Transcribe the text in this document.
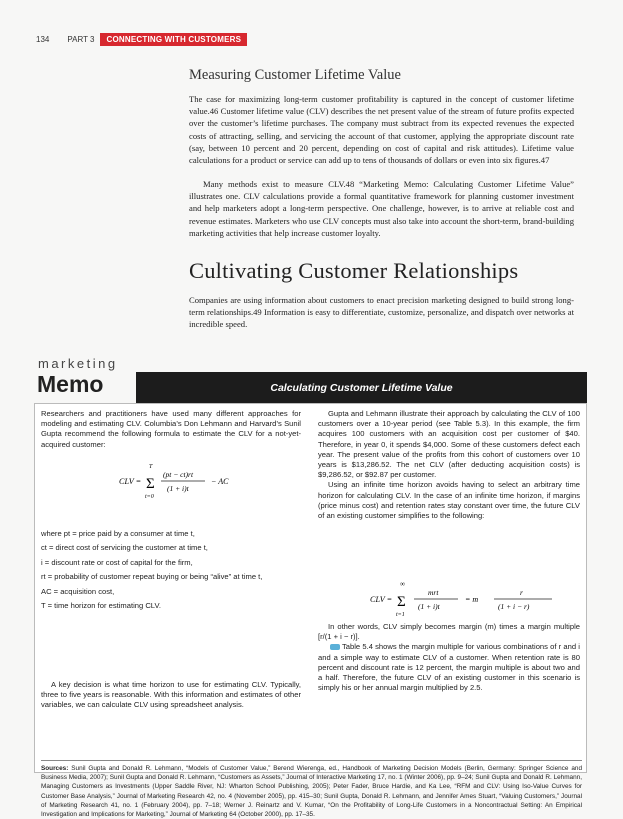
134 PART 3	CONNECTING WITH CUSTOMERS
Measuring Customer Lifetime Value

The case for maximizing long-term customer profitability is captured in the concept of customer lifetime value.46 Customer lifetime value (CLV) describes the net present value of the stream of future profits expected over the customer’s lifetime purchases. The company must subtract from its expected revenues the expected costs of attracting, selling, and servicing the account of that customer, applying the appropriate discount rate (say, between 10 percent and 20 percent, depending on cost of capital and risk attitudes). Lifetime value calculations for a product or service can add up to tens of thousands of dollars or even into six figures.47

Many methods exist to measure CLV.48 “Marketing Memo: Calculating Customer Lifetime Value” illustrates one. CLV calculations provide a formal quantitative framework for planning customer investment and help marketers adopt a long-term perspective. One challenge, however, is to arrive at reliable cost and revenue estimates. Marketers who use CLV concepts must also take into account the short-term, brand-building marketing activities that help increase customer loyalty.

Cultivating Customer Relationships

Companies are using information about customers to enact precision marketing designed to build strong long-term relationships.49 Information is easy to differentiate, customize, personalize, and dispatch over networks at incredible speed.

marketing
Memo	Calculating Customer Lifetime Value

Researchers and practitioners have used many different approaches for modeling and estimating CLV. Columbia’s Don Lehmann and Harvard’s Sunil Gupta recommend the following formula to estimate the CLV for a not-yet-acquired customer:

CLV =
T
Σ
t=0
(pt − ct)rt
(1 + i)t
− AC
where pt = price paid by a consumer at time t,
ct = direct cost of servicing the customer at time t,
i = discount rate or cost of capital for the firm,
rt = probability of customer repeat buying or being “alive” at time t,
AC = acquisition cost,
T = time horizon for estimating CLV.

A key decision is what time horizon to use for estimating CLV. Typically, three to five years is reasonable. With this information and estimates of other variables, we can calculate CLV using spreadsheet analysis.

Gupta and Lehmann illustrate their approach by calculating the CLV of 100 customers over a 10-year period (see Table 5.3). In this example, the firm acquires 100 customers with an acquisition cost per customer of $40. Therefore, in year 0, it spends $4,000. Some of these customers defect each year. The present value of the profits from this cohort of customers over 10 years is $13,286.52. The net CLV (after deducting acquisition costs) is $9,286.52, or $92.87 per customer.

Using an infinite time horizon avoids having to select an arbitrary time horizon for calculating CLV. In the case of an infinite time horizon, if margins (price minus cost) and retention rates stay constant over time, the future CLV of an existing customer simplifies to the following:

CLV =
∞
Σ
t=1
mrt
(1 + i)t
= m
r
(1 + i − r)

In other words, CLV simply becomes margin (m) times a margin multiple [r/(1 + i − r)].

Table 5.4 shows the margin multiple for various combinations of r and i and a simple way to estimate CLV of a customer. When retention rate is 80 percent and discount rate is 12 percent, the margin multiple is about two and a half. Therefore, the future CLV of an existing customer in this scenario is simply his or her annual margin multiplied by 2.5.

Sources: Sunil Gupta and Donald R. Lehmann, “Models of Customer Value,” Berend Wierenga, ed., Handbook of Marketing Decision Models (Berlin, Germany: Springer Science and Business Media, 2007); Sunil Gupta and Donald R. Lehmann, “Customers as Assets,” Journal of Interactive Marketing 17, no. 1 (Winter 2006), pp. 9–24; Sunil Gupta and Donald R. Lehmann, Managing Customers as Investments (Upper Saddle River, NJ: Wharton School Publishing, 2005); Peter Fader, Bruce Hardie, and Ka Lee, “RFM and CLV: Using Iso-Value Curves for Customer Base Analysis,” Journal of Marketing Research 42, no. 4 (November 2005), pp. 415–30; Sunil Gupta, Donald R. Lehmann, and Jennifer Ames Stuart, “Valuing Customers,” Journal of Marketing Research 41, no. 1 (February 2004), pp. 7–18; Werner J. Reinartz and V. Kumar, “On the Profitability of Long-Life Customers in a Noncontractual Setting: An Empirical Investigation and Implications for Marketing,” Journal of Marketing 64 (October 2000), pp. 17–35.
